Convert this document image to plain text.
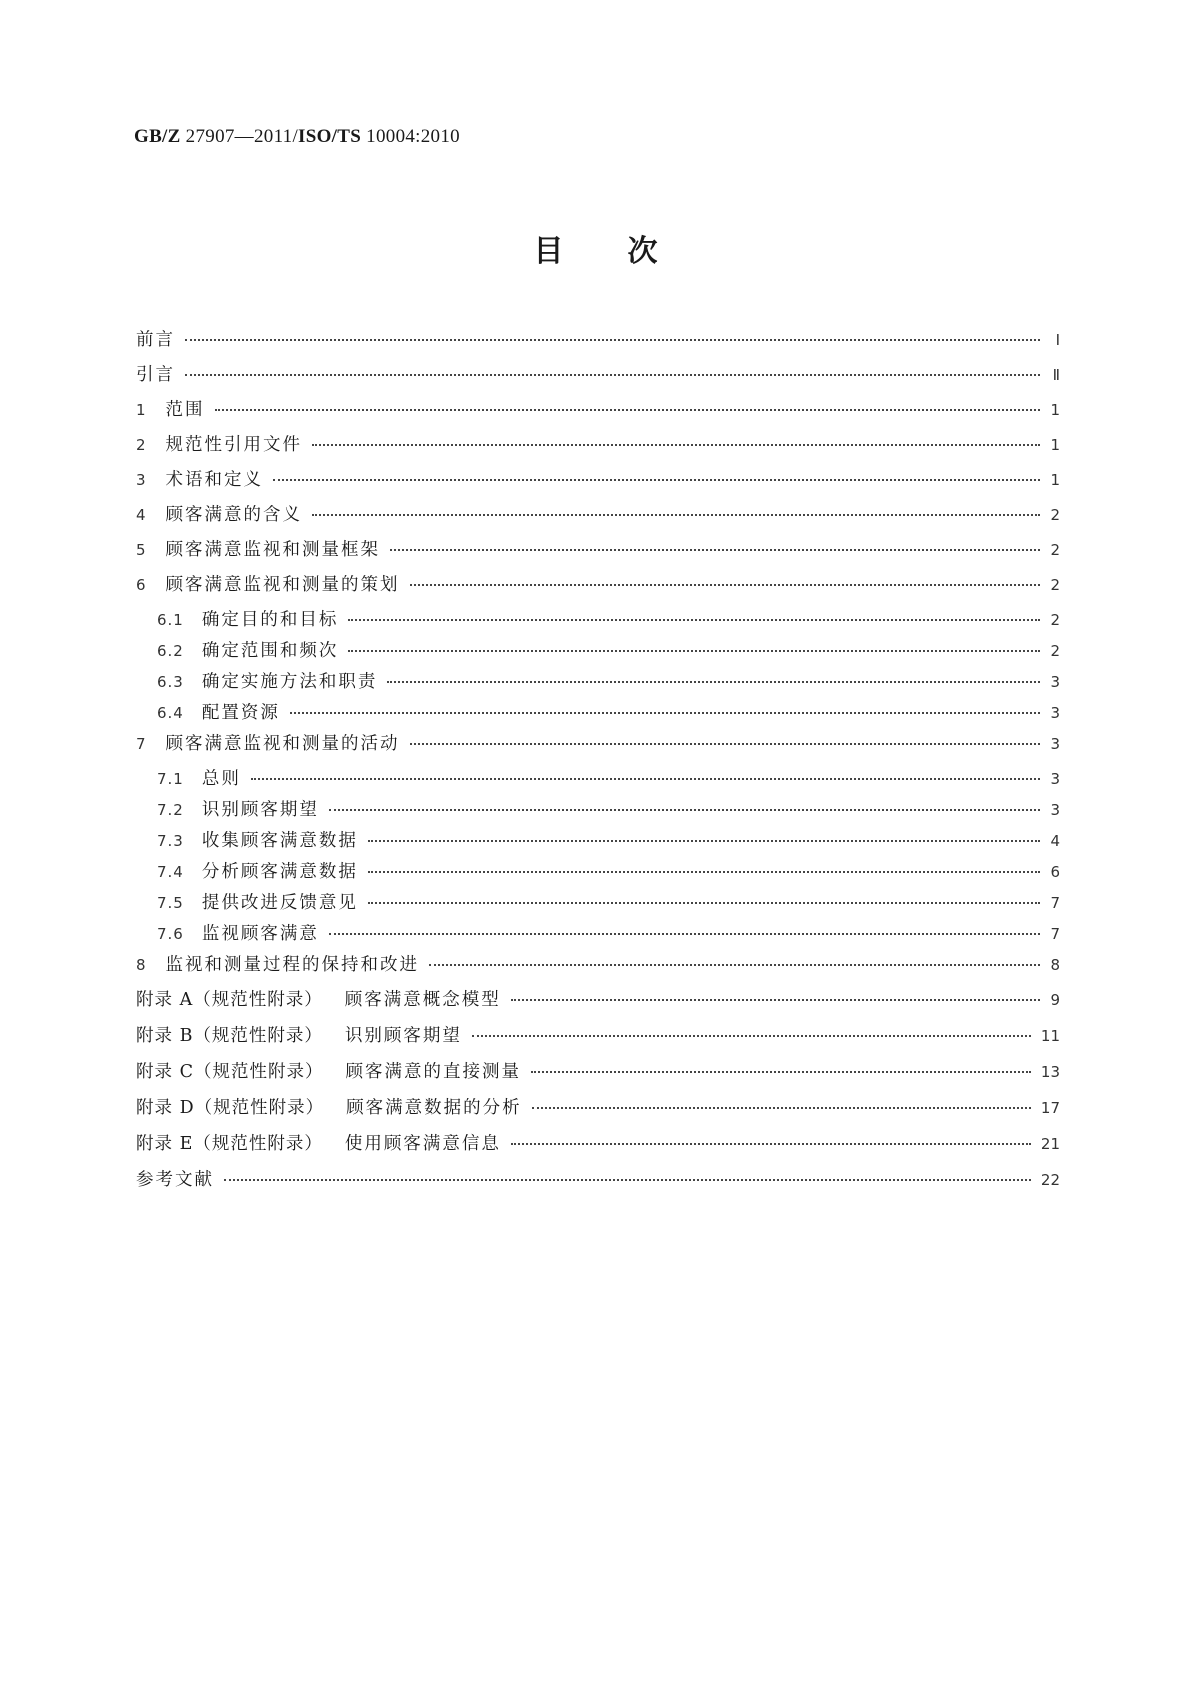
GB/Z 27907—2011/ISO/TS 10004:2010
目次
前言	Ⅰ
引言	Ⅱ
1 范围	1
2 规范性引用文件	1
3 术语和定义	1
4 顾客满意的含义	2
5 顾客满意监视和测量框架	2
6 顾客满意监视和测量的策划	2
6.1 确定目的和目标	2
6.2 确定范围和频次	2
6.3 确定实施方法和职责	3
6.4 配置资源	3
7 顾客满意监视和测量的活动	3
7.1 总则	3
7.2 识别顾客期望	3
7.3 收集顾客满意数据	4
7.4 分析顾客满意数据	6
7.5 提供改进反馈意见	7
7.6 监视顾客满意	7
8 监视和测量过程的保持和改进	8
附录 A （规范性附录） 顾客满意概念模型	9
附录 B （规范性附录） 识别顾客期望	11
附录 C （规范性附录） 顾客满意的直接测量	13
附录 D （规范性附录） 顾客满意数据的分析	17
附录 E （规范性附录） 使用顾客满意信息	21
参考文献	22
